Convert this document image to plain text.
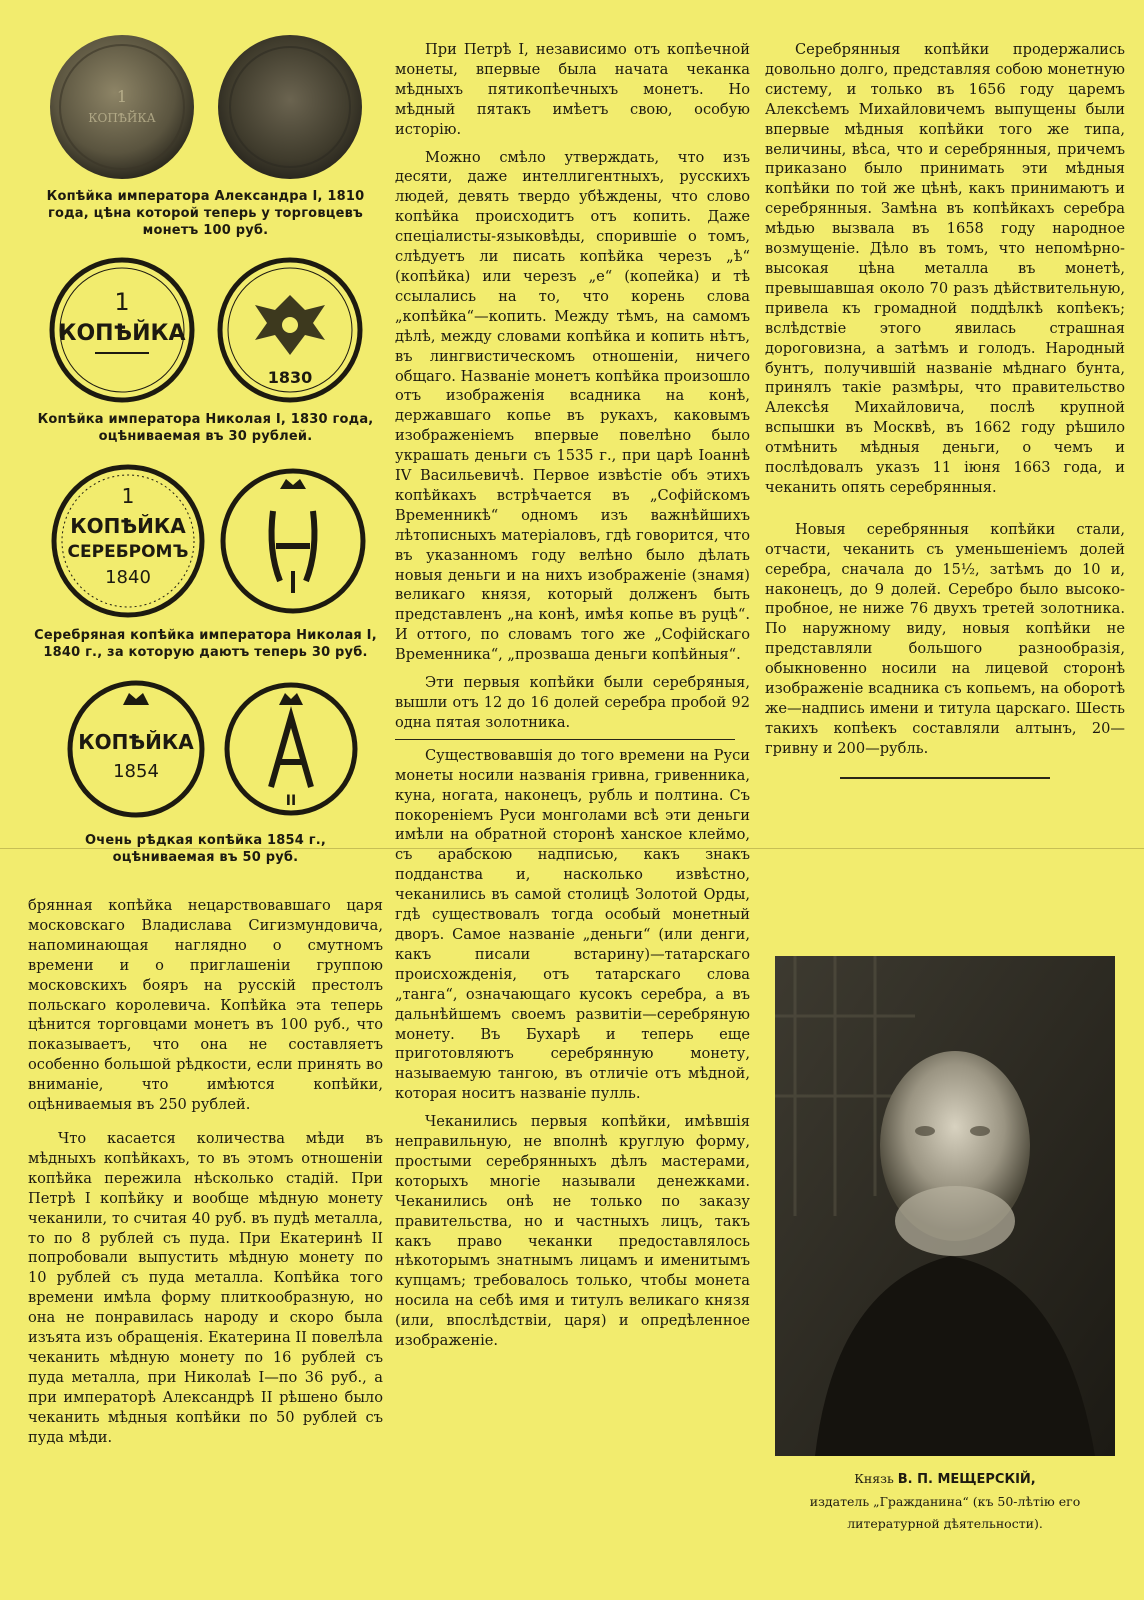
1
КОПѢЙКА
Копѣйка императора Александра I, 1810 года, цѣна которой теперь у торговцевъ монетъ 100 руб.
1
КОПѢЙКА
1830
Копѣйка императора Николая I, 1830 года, оцѣниваемая въ 30 рублей.
1
КОПѢЙКА
СЕРЕБРОМЪ
1840
Серебряная копѣйка императора Николая I, 1840 г., за которую даютъ теперь 30 руб.
КОПѢЙКА
1854
II
Очень рѣдкая копѣйка 1854 г., оцѣниваемая въ 50 руб.

брянная копѣйка нецарствовавшаго царя московскаго Владислава Сигизмундовича, напоминающая наглядно о смутномъ времени и о приглашеніи группою московскихъ бояръ на русскій престолъ польскаго королевича. Копѣйка эта теперь цѣнится торговцами монетъ въ 100 руб., что показываетъ, что она не составляетъ особенно большой рѣдкости, если принять во вниманіе, что имѣются копѣйки, оцѣниваемыя въ 250 рублей.

Что касается количества мѣди въ мѣдныхъ копѣйкахъ, то въ этомъ отношеніи копѣйка пережила нѣсколько стадій. При Петрѣ I копѣйку и вообще мѣдную монету чеканили, то считая 40 руб. въ пудѣ металла, то по 8 рублей съ пуда. При Екатеринѣ II попробовали выпустить мѣдную монету по 10 рублей съ пуда металла. Копѣйка того времени имѣла форму плиткообразную, но она не понравилась народу и скоро была изъята изъ обращенія. Екатерина II повелѣла чеканить мѣдную монету по 16 рублей съ пуда металла, при Николаѣ I—по 36 руб., а при императорѣ Александрѣ II рѣшено было чеканить мѣдныя копѣйки по 50 рублей съ пуда мѣди.

При Петрѣ I, независимо отъ копѣечной монеты, впервые была начата чеканка мѣдныхъ пятикопѣечныхъ монетъ. Но мѣдный пятакъ имѣетъ свою, особую исторію.

Можно смѣло утверждать, что изъ десяти, даже интеллигентныхъ, русскихъ людей, девять твердо убѣждены, что слово копѣйка происходитъ отъ копить. Даже спеціалисты-языковѣды, спорившіе о томъ, слѣдуетъ ли писать копѣйка черезъ „ѣ“ (копѣйка) или черезъ „е“ (копейка) и тѣ ссылались на то, что корень слова „копѣйка“—копить. Между тѣмъ, на самомъ дѣлѣ, между словами копѣйка и копить нѣтъ, въ лингвистическомъ отношеніи, ничего общаго. Названіе монетъ копѣйка произошло отъ изображенія всадника на конѣ, державшаго копье въ рукахъ, каковымъ изображеніемъ впервые повелѣно было украшать деньги съ 1535 г., при царѣ Іоаннѣ IV Васильевичѣ. Первое извѣстіе объ этихъ копѣйкахъ встрѣчается въ „Софійскомъ Временникѣ“ одномъ изъ важнѣйшихъ лѣтописныхъ матеріаловъ, гдѣ говорится, что въ указанномъ году велѣно было дѣлать новыя деньги и на нихъ изображеніе (знамя) великаго князя, который долженъ быть представленъ „на конѣ, имѣя копье въ руцѣ“. И оттого, по словамъ того же „Софійскаго Временника“, „прозваша деньги копѣйныя“.

Эти первыя копѣйки были серебряныя, вышли отъ 12 до 16 долей серебра пробой 92 одна пятая золотника.

Существовавшія до того времени на Руси монеты носили названія гривна, гривенника, куна, ногата, наконецъ, рубль и полтина. Съ покореніемъ Руси монголами всѣ эти деньги имѣли на обратной сторонѣ ханское клеймо, съ арабскою надписью, какъ знакъ подданства и, насколько извѣстно, чеканились въ самой столицѣ Золотой Орды, гдѣ существовалъ тогда особый монетный дворъ. Самое названіе „деньги“ (или денги, какъ писали встарину)—татарскаго происхожденія, отъ татарскаго слова „танга“, означающаго кусокъ серебра, а въ дальнѣйшемъ своемъ развитіи—серебряную монету. Въ Бухарѣ и теперь еще приготовляютъ серебрянную монету, называемую тангою, въ отличіе отъ мѣдной, которая носитъ названіе пулль.

Чеканились первыя копѣйки, имѣвшія неправильную, не вполнѣ круглую форму, простыми серебрянныхъ дѣлъ мастерами, которыхъ многіе называли денежками. Чеканились онѣ не только по заказу правительства, но и частныхъ лицъ, такъ какъ право чеканки предоставлялось нѣкоторымъ знатнымъ лицамъ и именитымъ купцамъ; требовалось только, чтобы монета носила на себѣ имя и титулъ великаго князя (или, впослѣдствіи, царя) и опредѣленное изображеніе.

Серебрянныя копѣйки продержались довольно долго, представляя собою монетную систему, и только въ 1656 году царемъ Алексѣемъ Михайловичемъ выпущены были впервые мѣдныя копѣйки того же типа, величины, вѣса, что и серебрянныя, причемъ приказано было принимать эти мѣдныя копѣйки по той же цѣнѣ, какъ принимаютъ и серебрянныя. Замѣна въ копѣйкахъ серебра мѣдью вызвала въ 1658 году народное возмущеніе. Дѣло въ томъ, что непомѣрно-высокая цѣна металла въ монетѣ, превышавшая около 70 разъ дѣйствительную, привела къ громадной поддѣлкѣ копѣекъ; вслѣдствіе этого явилась страшная дороговизна, а затѣмъ и голодъ. Народный бунтъ, получившій названіе мѣднаго бунта, принялъ такіе размѣры, что правительство Алексѣя Михайловича, послѣ крупной вспышки въ Москвѣ, въ 1662 году рѣшило отмѣнить мѣдныя деньги, о чемъ и послѣдовалъ указъ 11 іюня 1663 года, и чеканить опять серебрянныя.

Новыя серебрянныя копѣйки стали, отчасти, чеканить съ уменьшеніемъ долей серебра, сначала до 15½, затѣмъ до 10 и, наконецъ, до 9 долей. Серебро было высоко-пробное, не ниже 76 двухъ третей золотника. По наружному виду, новыя копѣйки не представляли большого разнообразія, обыкновенно носили на лицевой сторонѣ изображеніе всадника съ копьемъ, на оборотѣ же—надпись имени и титула царскаго. Шесть такихъ копѣекъ составляли алтынъ, 20—гривну и 200—рубль.

Князь В. П. МЕЩЕРСКІЙ,
издатель „Гражданина“ (къ 50-лѣтію его литературной дѣятельности).
